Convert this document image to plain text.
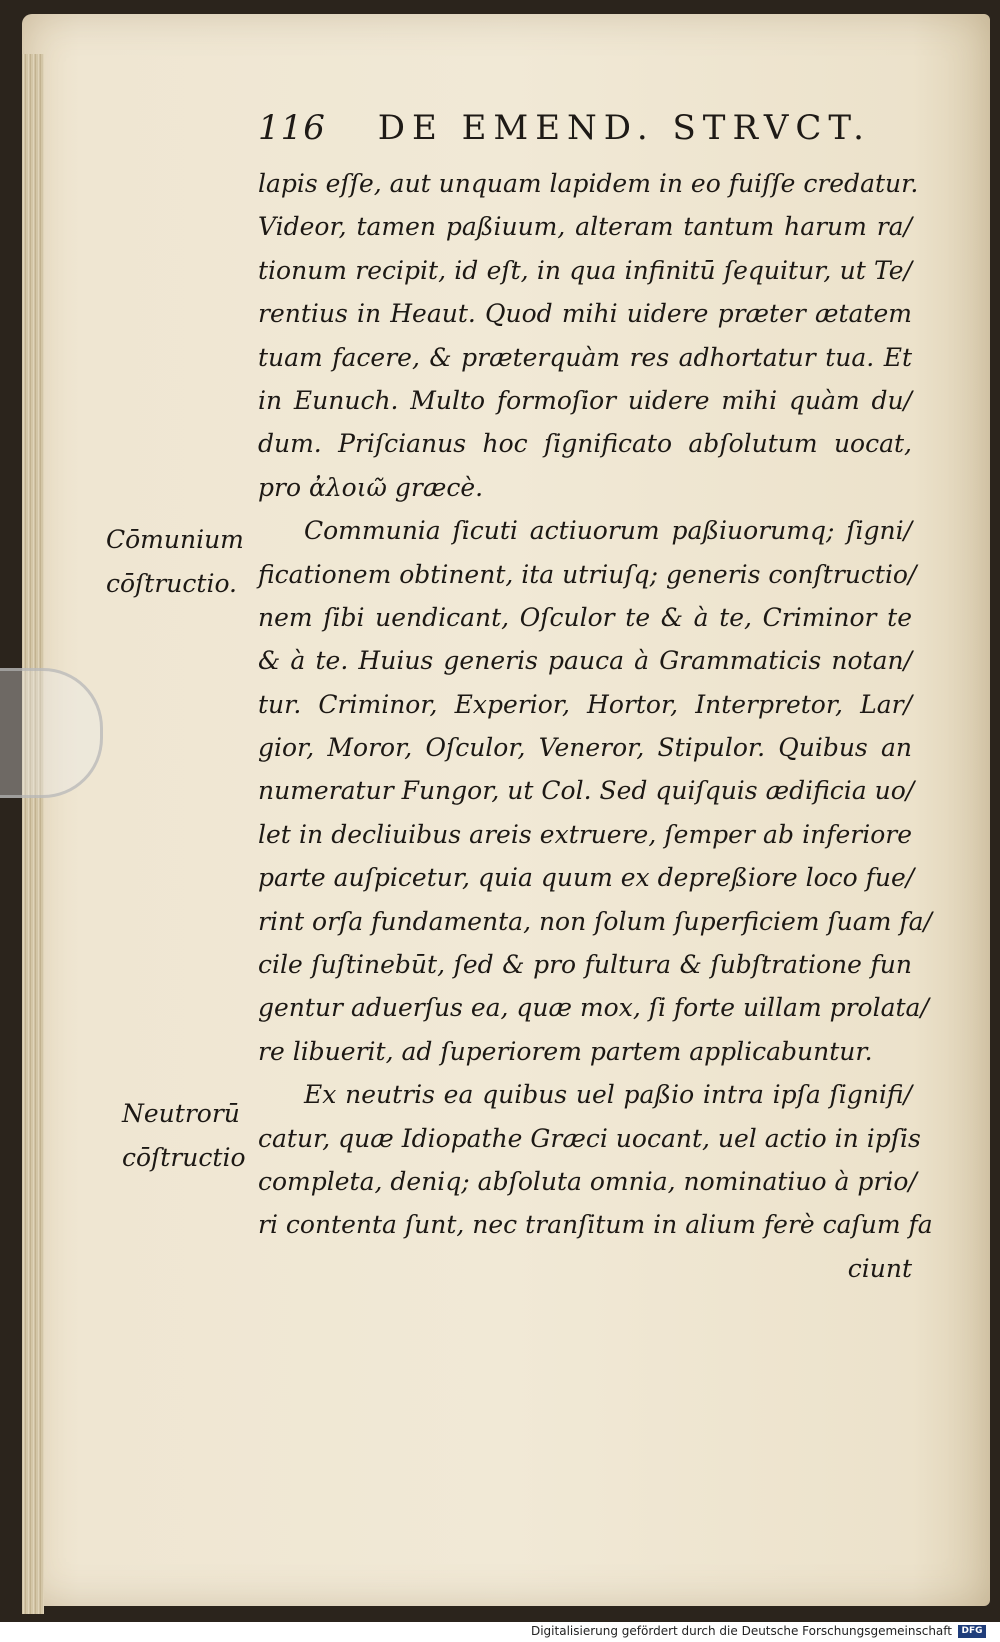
116 DE EMEND. STRVCT.
Cōmunium
cōſtructio.
Neutrorū
cōſtructio
lapis eſſe, aut unquam lapidem in eo fuiſſe credatur.
Videor, tamen paßiuum, alteram tantum harum ra/
tionum recipit, id eſt, in qua infinitū ſequitur, ut Te/
rentius in Heaut. Quod mihi uidere præter ætatem
tuam facere, & præterquàm res adhortatur tua. Et
in Eunuch. Multo formoſior uidere mihi quàm du/
dum. Priſcianus hoc ſignificato abſolutum uocat,
pro ἀλοιῶ græcè.
Communia ſicuti actiuorum paßiuorumq; ſigni/
ficationem obtinent, ita utriuſq; generis conſtructio/
nem ſibi uendicant, Oſculor te & à te, Criminor te
& à te. Huius generis pauca à Grammaticis notan/
tur. Criminor, Experior, Hortor, Interpretor, Lar/
gior, Moror, Oſculor, Veneror, Stipulor. Quibus an
numeratur Fungor, ut Col. Sed quiſquis ædificia uo/
let in decliuibus areis extruere, ſemper ab inferiore
parte auſpicetur, quia quum ex depreßiore loco fue/
rint orſa fundamenta, non ſolum ſuperficiem ſuam fa/
cile ſuſtinebūt, ſed & pro fultura & ſubſtratione fun
gentur aduerſus ea, quæ mox, ſi forte uillam prolata/
re libuerit, ad ſuperiorem partem applicabuntur.
Ex neutris ea quibus uel paßio intra ipſa ſignifi/
catur, quæ Idiopathe Græci uocant, uel actio in ipſis
completa, deniq; abſoluta omnia, nominatiuo à prio/
ri contenta ſunt, nec tranſitum in alium ferè caſum fa
ciunt
Digitalisierung gefördert durch die Deutsche Forschungsgemeinschaft	DFG
